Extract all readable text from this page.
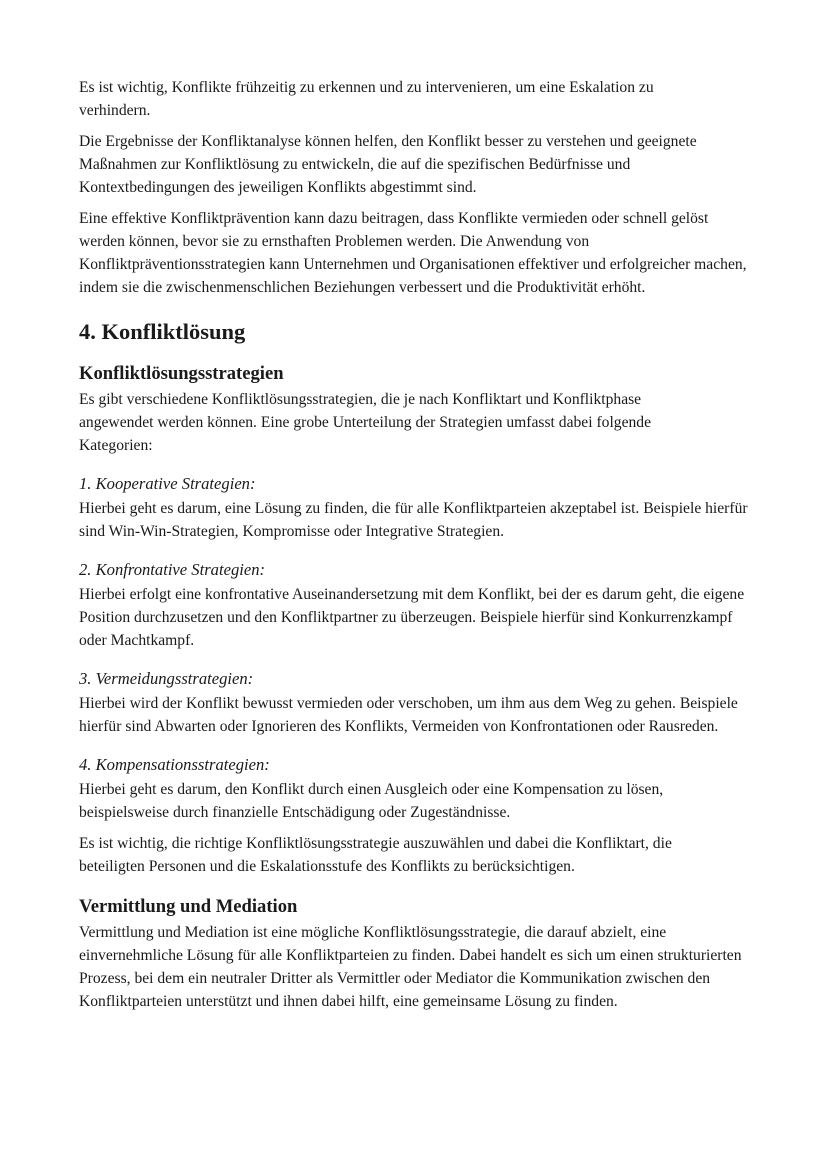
Es ist wichtig, Konflikte frühzeitig zu erkennen und zu intervenieren, um eine Eskalation zu verhindern.

Die Ergebnisse der Konfliktanalyse können helfen, den Konflikt besser zu verstehen und geeignete Maßnahmen zur Konfliktlösung zu entwickeln, die auf die spezifischen Bedürfnisse und Kontextbedingungen des jeweiligen Konflikts abgestimmt sind.

Eine effektive Konfliktprävention kann dazu beitragen, dass Konflikte vermieden oder schnell gelöst werden können, bevor sie zu ernsthaften Problemen werden. Die Anwendung von Konfliktpräventionsstrategien kann Unternehmen und Organisationen effektiver und erfolgreicher machen, indem sie die zwischenmenschlichen Beziehungen verbessert und die Produktivität erhöht.

4. Konfliktlösung
Konfliktlösungsstrategien

Es gibt verschiedene Konfliktlösungsstrategien, die je nach Konfliktart und Konfliktphase angewendet werden können. Eine grobe Unterteilung der Strategien umfasst dabei folgende Kategorien:

1. Kooperative Strategien:

Hierbei geht es darum, eine Lösung zu finden, die für alle Konfliktparteien akzeptabel ist. Beispiele hierfür sind Win-Win-Strategien, Kompromisse oder Integrative Strategien.

2. Konfrontative Strategien:

Hierbei erfolgt eine konfrontative Auseinandersetzung mit dem Konflikt, bei der es darum geht, die eigene Position durchzusetzen und den Konfliktpartner zu überzeugen. Beispiele hierfür sind Konkurrenzkampf oder Machtkampf.

3. Vermeidungsstrategien:

Hierbei wird der Konflikt bewusst vermieden oder verschoben, um ihm aus dem Weg zu gehen. Beispiele hierfür sind Abwarten oder Ignorieren des Konflikts, Vermeiden von Konfrontationen oder Rausreden.

4. Kompensationsstrategien:

Hierbei geht es darum, den Konflikt durch einen Ausgleich oder eine Kompensation zu lösen, beispielsweise durch finanzielle Entschädigung oder Zugeständnisse.

Es ist wichtig, die richtige Konfliktlösungsstrategie auszuwählen und dabei die Konfliktart, die beteiligten Personen und die Eskalationsstufe des Konflikts zu berücksichtigen.

Vermittlung und Mediation

Vermittlung und Mediation ist eine mögliche Konfliktlösungsstrategie, die darauf abzielt, eine einvernehmliche Lösung für alle Konfliktparteien zu finden. Dabei handelt es sich um einen strukturierten Prozess, bei dem ein neutraler Dritter als Vermittler oder Mediator die Kommunikation zwischen den Konfliktparteien unterstützt und ihnen dabei hilft, eine gemeinsame Lösung zu finden.
